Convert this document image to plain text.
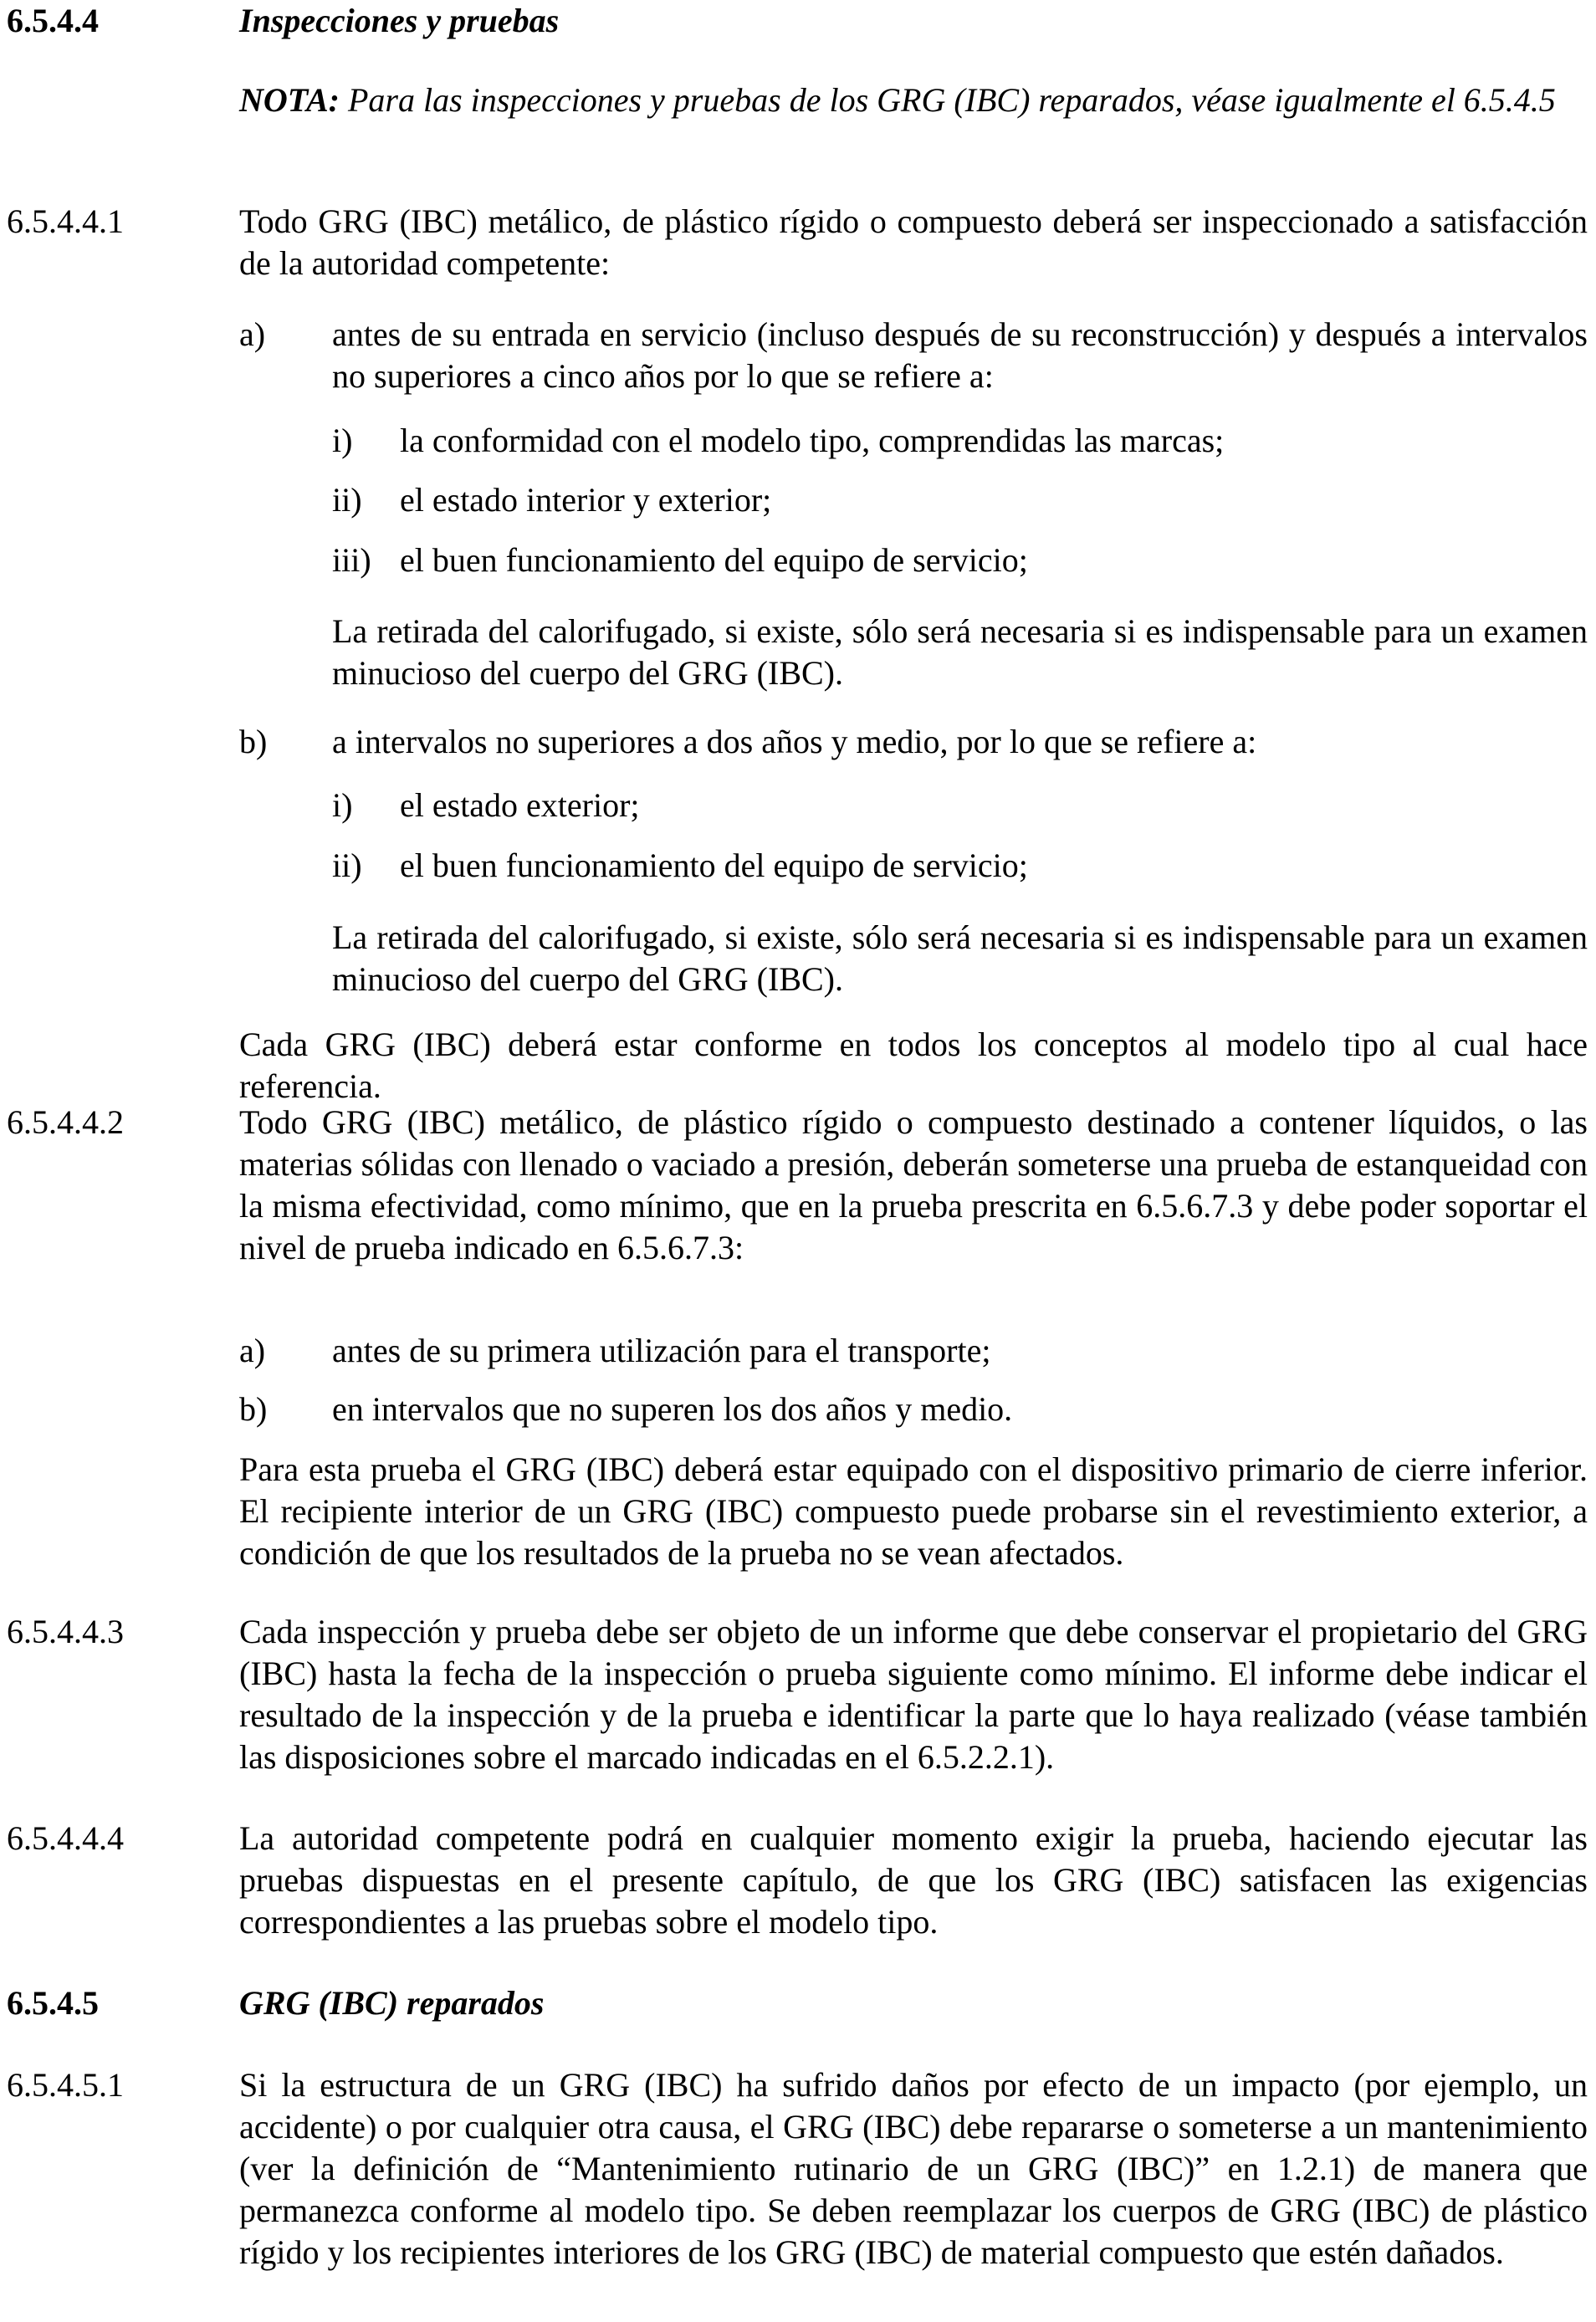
6.5.4.4	Inspecciones y pruebas

NOTA: Para las inspecciones y pruebas de los GRG (IBC) reparados, véase igualmente el 6.5.4.5

6.5.4.4.1	Todo GRG (IBC) metálico, de plástico rígido o compuesto deberá ser inspeccionado a satisfacción de la autoridad competente:

a)	antes de su entrada en servicio (incluso después de su reconstrucción) y después a intervalos no superiores a cinco años por lo que se refiere a:

i)	la conformidad con el modelo tipo, comprendidas las marcas;

ii)	el estado interior y exterior;

iii) el buen funcionamiento del equipo de servicio;

La retirada del calorifugado, si existe, sólo será necesaria si es indispensable para un examen minucioso del cuerpo del GRG (IBC).

b)	a intervalos no superiores a dos años y medio, por lo que se refiere a:

i)	el estado exterior;

ii)	el buen funcionamiento del equipo de servicio;

La retirada del calorifugado, si existe, sólo será necesaria si es indispensable para un examen minucioso del cuerpo del GRG (IBC).

Cada GRG (IBC) deberá estar conforme en todos los conceptos al modelo tipo al cual hace referencia.

6.5.4.4.2	Todo GRG (IBC) metálico, de plástico rígido o compuesto destinado a contener líquidos, o las materias sólidas con llenado o vaciado a presión, deberán someterse una prueba de estanqueidad con la misma efectividad, como mínimo, que en la prueba prescrita en 6.5.6.7.3 y debe poder soportar el nivel de prueba indicado en 6.5.6.7.3:

a)	antes de su primera utilización para el transporte;

b)	en intervalos que no superen los dos años y medio.

Para esta prueba el GRG (IBC) deberá estar equipado con el dispositivo primario de cierre inferior. El recipiente interior de un GRG (IBC) compuesto puede probarse sin el revestimiento exterior, a condición de que los resultados de la prueba no se vean afectados.

6.5.4.4.3	Cada inspección y prueba debe ser objeto de un informe que debe conservar el propietario del GRG (IBC) hasta la fecha de la inspección o prueba siguiente como mínimo. El informe debe indicar el resultado de la inspección y de la prueba e identificar la parte que lo haya realizado (véase también las disposiciones sobre el marcado indicadas en el 6.5.2.2.1).

6.5.4.4.4	La autoridad competente podrá en cualquier momento exigir la prueba, haciendo ejecutar las pruebas dispuestas en el presente capítulo, de que los GRG (IBC) satisfacen las exigencias correspondientes a las pruebas sobre el modelo tipo.

6.5.4.5	GRG (IBC) reparados

6.5.4.5.1	Si la estructura de un GRG (IBC) ha sufrido daños por efecto de un impacto (por ejemplo, un accidente) o por cualquier otra causa, el GRG (IBC) debe repararse o someterse a un mantenimiento (ver la definición de “Mantenimiento rutinario de un GRG (IBC)” en 1.2.1) de manera que permanezca conforme al modelo tipo. Se deben reemplazar los cuerpos de GRG (IBC) de plástico rígido y los recipientes interiores de los GRG (IBC) de material compuesto que estén dañados.
